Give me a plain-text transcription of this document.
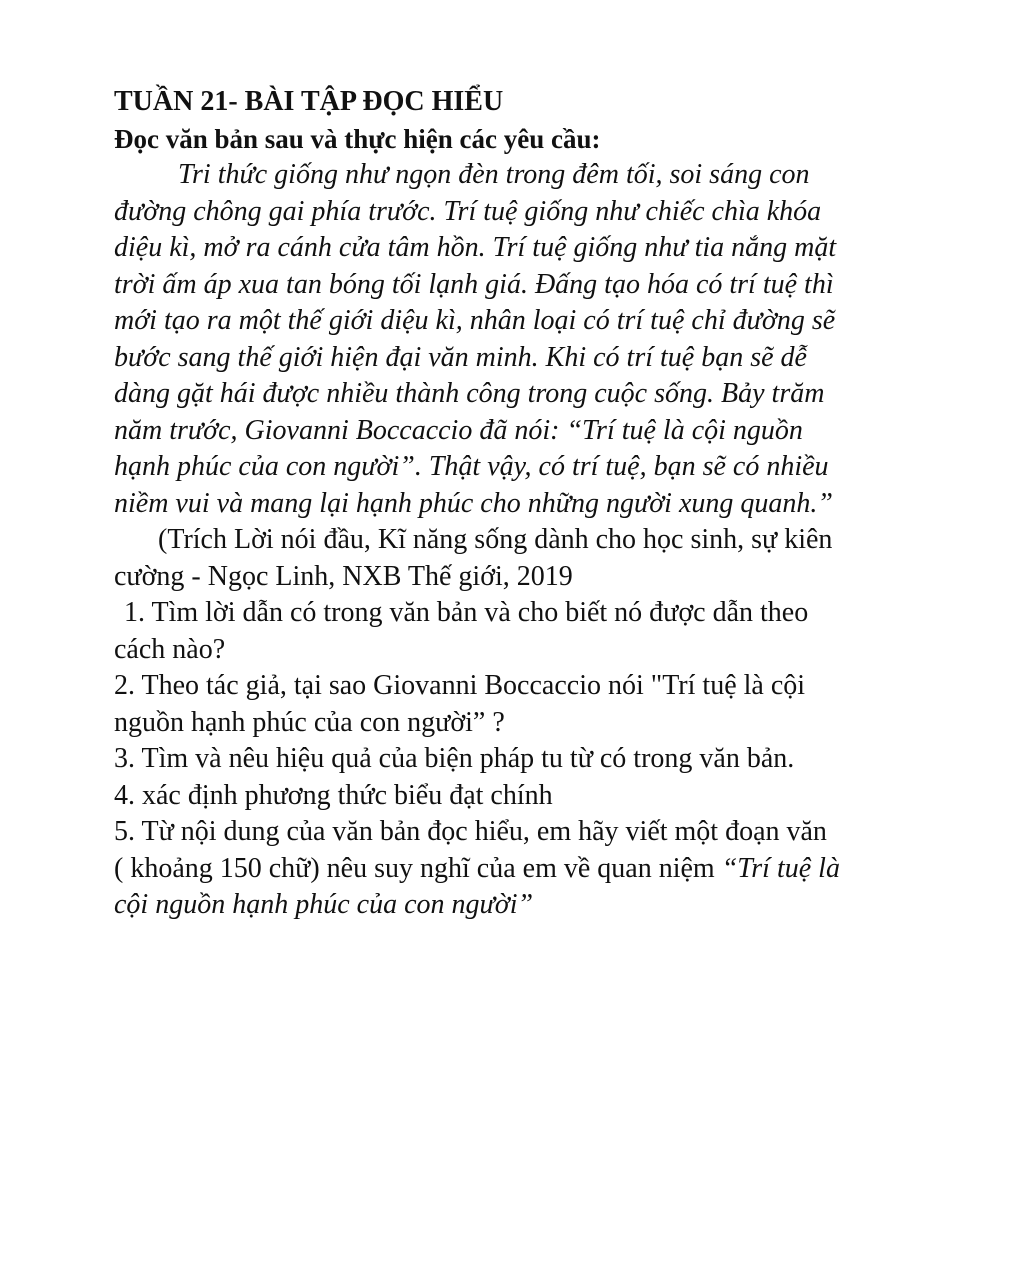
TUẦN 21- BÀI TẬP ĐỌC HIỂU

Đọc văn bản sau và thực hiện các yêu cầu:

Tri thức giống như ngọn đèn trong đêm tối, soi sáng con

đường chông gai phía trước. Trí tuệ giống như chiếc chìa khóa

diệu kì, mở ra cánh cửa tâm hồn. Trí tuệ giống như tia nắng mặt

trời ấm áp xua tan bóng tối lạnh giá. Đấng tạo hóa có trí tuệ thì

mới tạo ra một thế giới diệu kì, nhân loại có trí tuệ chỉ đường sẽ

bước sang thế giới hiện đại văn minh. Khi có trí tuệ bạn sẽ dễ

dàng gặt hái được nhiều thành công trong cuộc sống. Bảy trăm

năm trước, Giovanni Boccaccio đã nói: “Trí tuệ là cội nguồn

hạnh phúc của con người”. Thật vậy, có trí tuệ, bạn sẽ có nhiều

niềm vui và mang lại hạnh phúc cho những người xung quanh.”

(Trích Lời nói đầu, Kĩ năng sống dành cho học sinh, sự kiên

cường - Ngọc Linh, NXB Thế giới, 2019

1. Tìm lời dẫn có trong văn bản và cho biết nó được dẫn theo

cách nào?

2. Theo tác giả, tại sao Giovanni Boccaccio nói "Trí tuệ là cội

nguồn hạnh phúc của con người” ?

3. Tìm và nêu hiệu quả của biện pháp tu từ có trong văn bản.

4. xác định phương thức biểu đạt chính

5. Từ nội dung của văn bản đọc hiểu, em hãy viết một đoạn văn

( khoảng 150 chữ) nêu suy nghĩ của em về quan niệm “Trí tuệ là

cội nguồn hạnh phúc của con người”
